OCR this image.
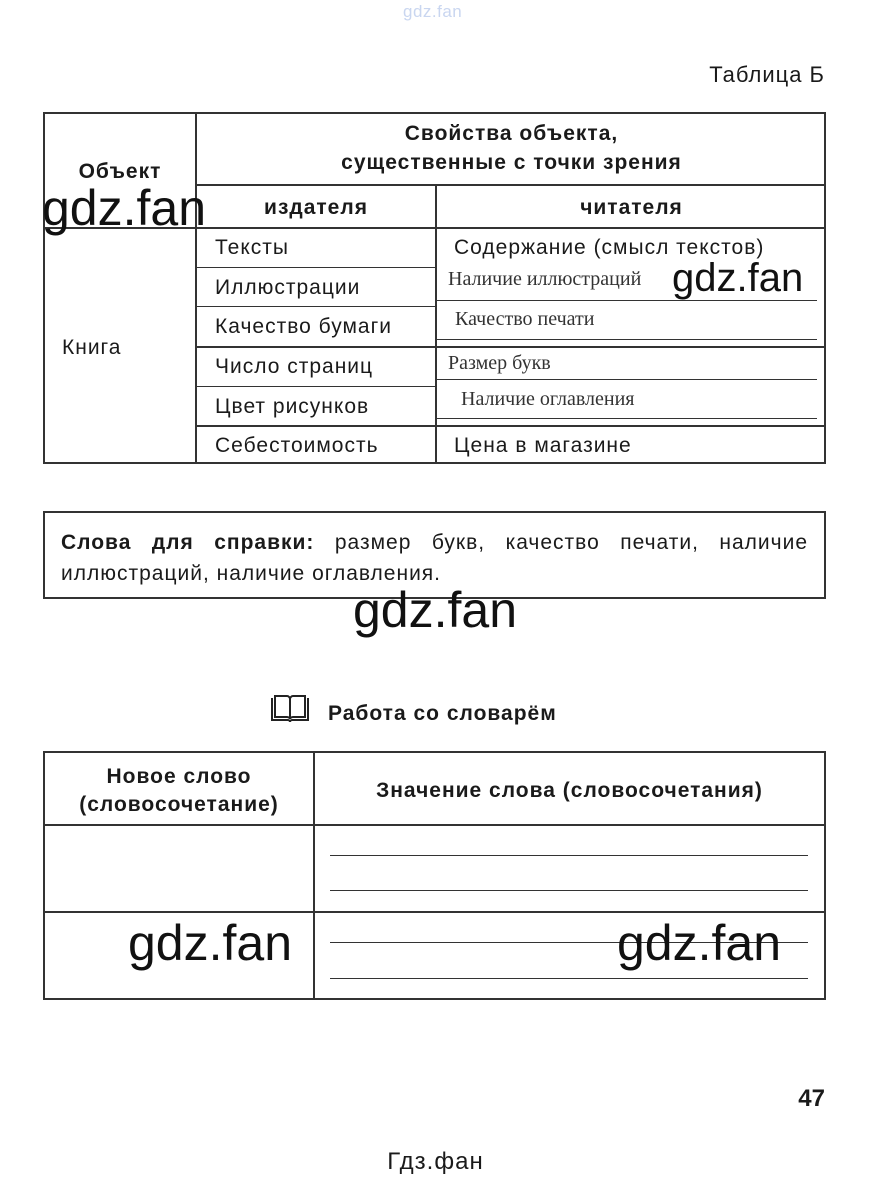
gdz.fan
Таблица Б
Объект
Свойства объекта,
существенные с точки зрения
издателя	читателя
Книга
Тексты	Содержание (смысл текстов)
Иллюстрации	Наличие иллюстраций
Качество бумаги	Качество печати
Число страниц	Размер букв
Цвет рисунков	Наличие оглавления
Себестоимость	Цена в магазине
Слова для справки: размер букв, качество печати, наличие иллюстраций, наличие оглавления.
Работа со словарём
Новое слово
(словосочетание)
Значение слова (словосочетания)
47
Гдз.фан
gdz.fan
gdz.fan
gdz.fan
gdz.fan	gdz.fan
